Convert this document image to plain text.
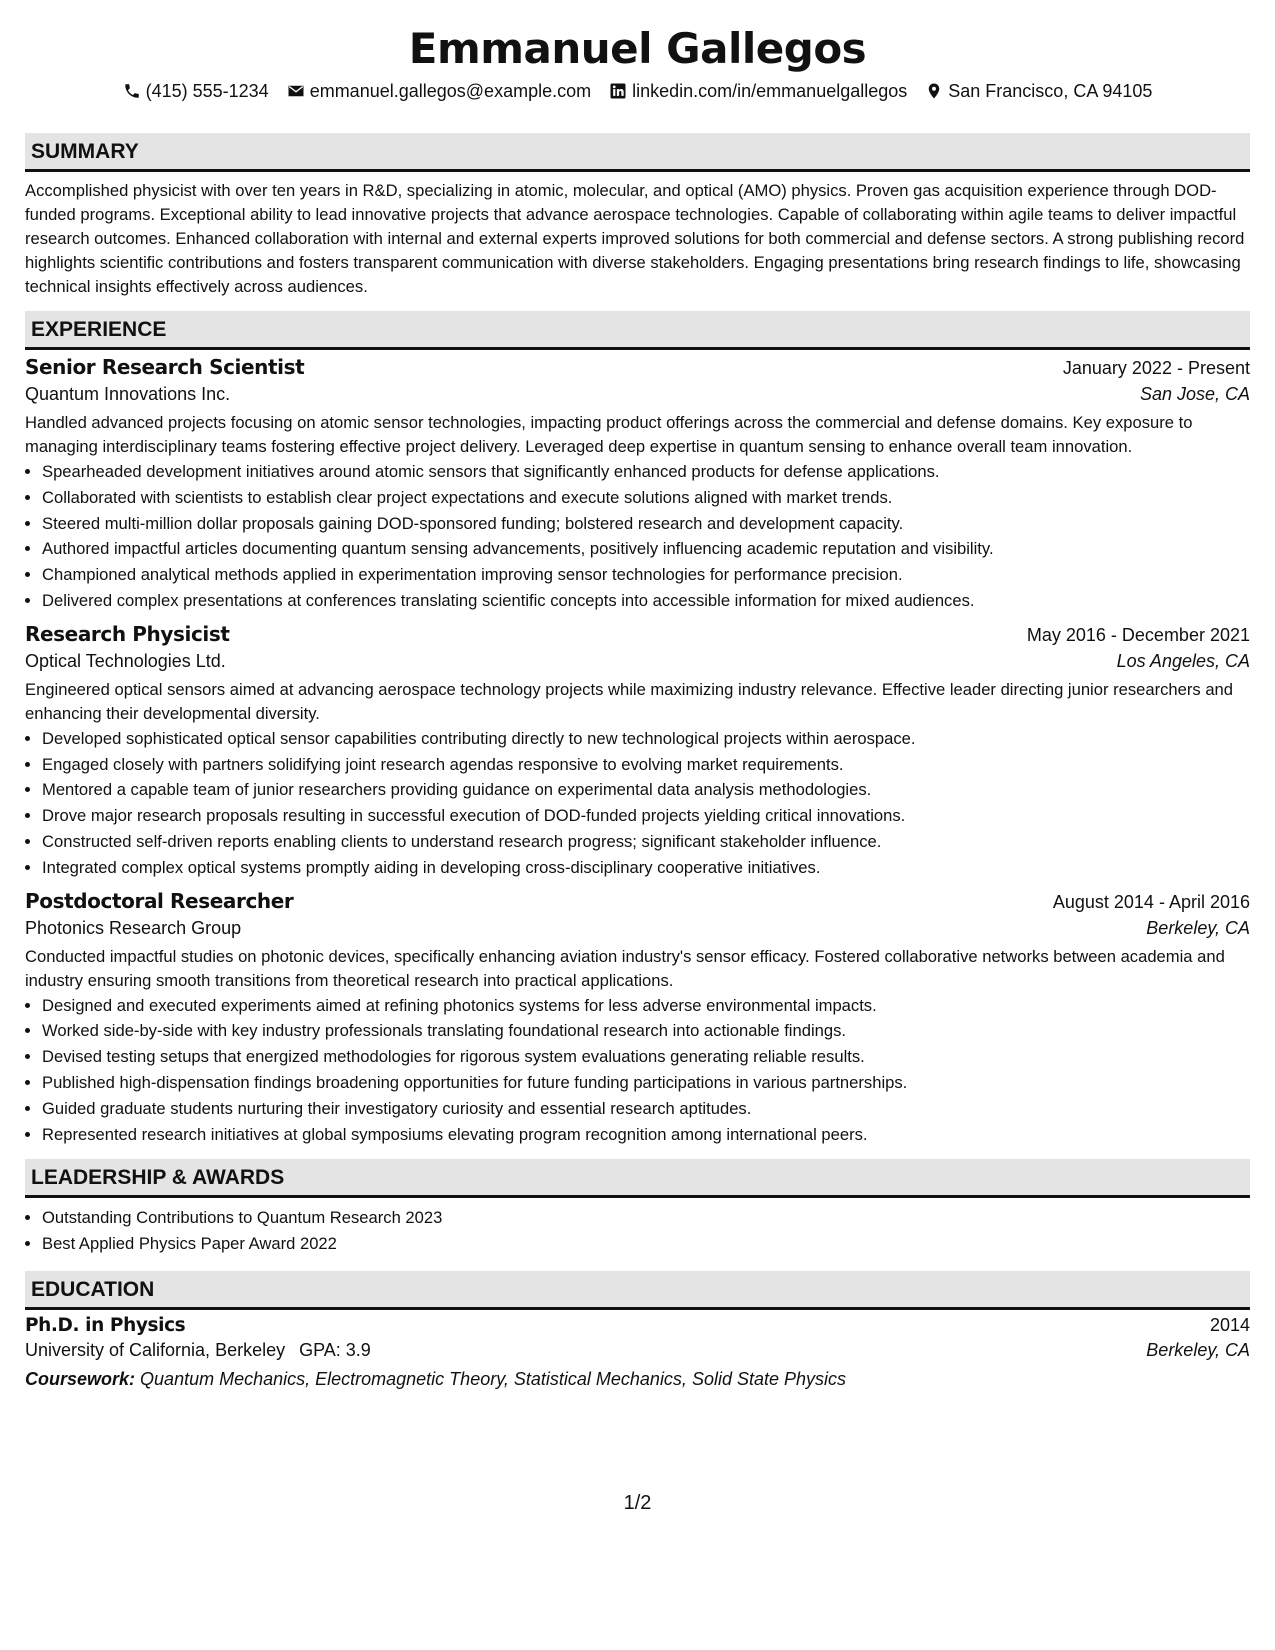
Emmanuel Gallegos
(415) 555-1234 emmanuel.gallegos@example.com linkedin.com/in/emmanuelgallegos San Francisco, CA 94105
SUMMARY

Accomplished physicist with over ten years in R&D, specializing in atomic, molecular, and optical (AMO) physics. Proven gas acquisition experience through DOD-funded programs. Exceptional ability to lead innovative projects that advance aerospace technologies. Capable of collaborating within agile teams to deliver impactful research outcomes. Enhanced collaboration with internal and external experts improved solutions for both commercial and defense sectors. A strong publishing record highlights scientific contributions and fosters transparent communication with diverse stakeholders. Engaging presentations bring research findings to life, showcasing technical insights effectively across audiences.

EXPERIENCE
Senior Research Scientist	January 2022 - Present
Quantum Innovations Inc.	San Jose, CA

Handled advanced projects focusing on atomic sensor technologies, impacting product offerings across the commercial and defense domains. Key exposure to managing interdisciplinary teams fostering effective project delivery. Leveraged deep expertise in quantum sensing to enhance overall team innovation.

• Spearheaded development initiatives around atomic sensors that significantly enhanced products for defense applications.
• Collaborated with scientists to establish clear project expectations and execute solutions aligned with market trends.
• Steered multi-million dollar proposals gaining DOD-sponsored funding; bolstered research and development capacity.
• Authored impactful articles documenting quantum sensing advancements, positively influencing academic reputation and visibility.
• Championed analytical methods applied in experimentation improving sensor technologies for performance precision.
• Delivered complex presentations at conferences translating scientific concepts into accessible information for mixed audiences.
Research Physicist	May 2016 - December 2021
Optical Technologies Ltd.	Los Angeles, CA

Engineered optical sensors aimed at advancing aerospace technology projects while maximizing industry relevance. Effective leader directing junior researchers and enhancing their developmental diversity.

• Developed sophisticated optical sensor capabilities contributing directly to new technological projects within aerospace.
• Engaged closely with partners solidifying joint research agendas responsive to evolving market requirements.
• Mentored a capable team of junior researchers providing guidance on experimental data analysis methodologies.
• Drove major research proposals resulting in successful execution of DOD-funded projects yielding critical innovations.
• Constructed self-driven reports enabling clients to understand research progress; significant stakeholder influence.
• Integrated complex optical systems promptly aiding in developing cross-disciplinary cooperative initiatives.
Postdoctoral Researcher	August 2014 - April 2016
Photonics Research Group	Berkeley, CA

Conducted impactful studies on photonic devices, specifically enhancing aviation industry's sensor efficacy. Fostered collaborative networks between academia and industry ensuring smooth transitions from theoretical research into practical applications.

• Designed and executed experiments aimed at refining photonics systems for less adverse environmental impacts.
• Worked side-by-side with key industry professionals translating foundational research into actionable findings.
• Devised testing setups that energized methodologies for rigorous system evaluations generating reliable results.
• Published high-dispensation findings broadening opportunities for future funding participations in various partnerships.
• Guided graduate students nurturing their investigatory curiosity and essential research aptitudes.
• Represented research initiatives at global symposiums elevating program recognition among international peers.
LEADERSHIP & AWARDS
• Outstanding Contributions to Quantum Research 2023
• Best Applied Physics Paper Award 2022
EDUCATION
Ph.D. in Physics	2014
University of California, Berkeley GPA: 3.9	Berkeley, CA
Coursework: Quantum Mechanics, Electromagnetic Theory, Statistical Mechanics, Solid State Physics
1/2
